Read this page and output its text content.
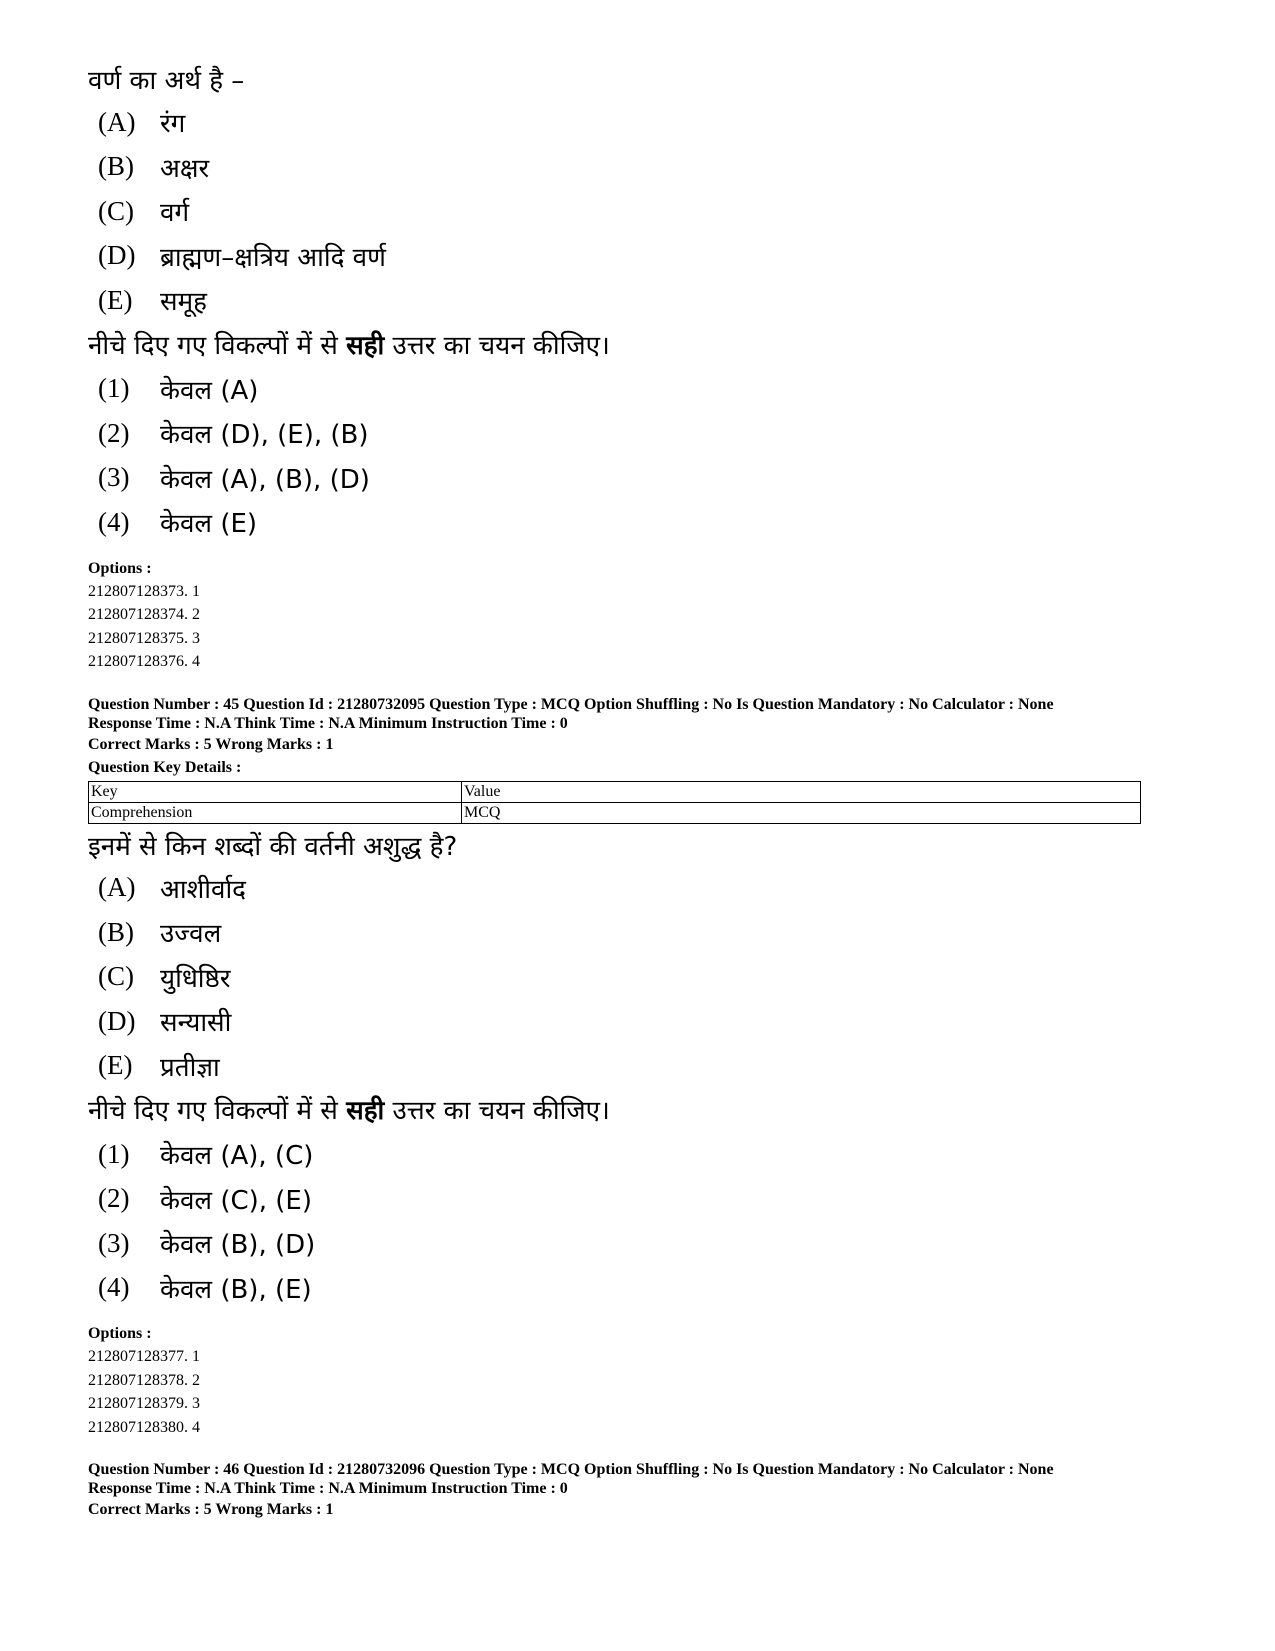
वर्ण का अर्थ है –

(A) रंग
(B)	अक्षर
(C)	वर्ग
(D) ब्राह्मण–क्षत्रिय आदि वर्ण
(E)	समूह

नीचे दिए गए विकल्पों में से सही उत्तर का चयन कीजिए।

(1)	केवल (A)
(2)	केवल (D), (E), (B)
(3)	केवल (A), (B), (D)
(4)	केवल (E)
Options :
212807128373. 1
212807128374. 2
212807128375. 3
212807128376. 4
Question Number : 45 Question Id : 21280732095 Question Type : MCQ Option Shuffling : No Is Question Mandatory : No Calculator : None
Response Time : N.A Think Time : N.A Minimum Instruction Time : 0
Correct Marks : 5 Wrong Marks : 1
Question Key Details :
Key	Value
Comprehension	MCQ

इनमें से किन शब्दों की वर्तनी अशुद्ध है?

(A) आशीर्वाद
(B)	उज्वल
(C)	युधिष्ठिर
(D) सन्यासी
(E)	प्रतीज्ञा

नीचे दिए गए विकल्पों में से सही उत्तर का चयन कीजिए।

(1)	केवल (A), (C)
(2)	केवल (C), (E)
(3)	केवल (B), (D)
(4)	केवल (B), (E)
Options :
212807128377. 1
212807128378. 2
212807128379. 3
212807128380. 4
Question Number : 46 Question Id : 21280732096 Question Type : MCQ Option Shuffling : No Is Question Mandatory : No Calculator : None
Response Time : N.A Think Time : N.A Minimum Instruction Time : 0
Correct Marks : 5 Wrong Marks : 1
